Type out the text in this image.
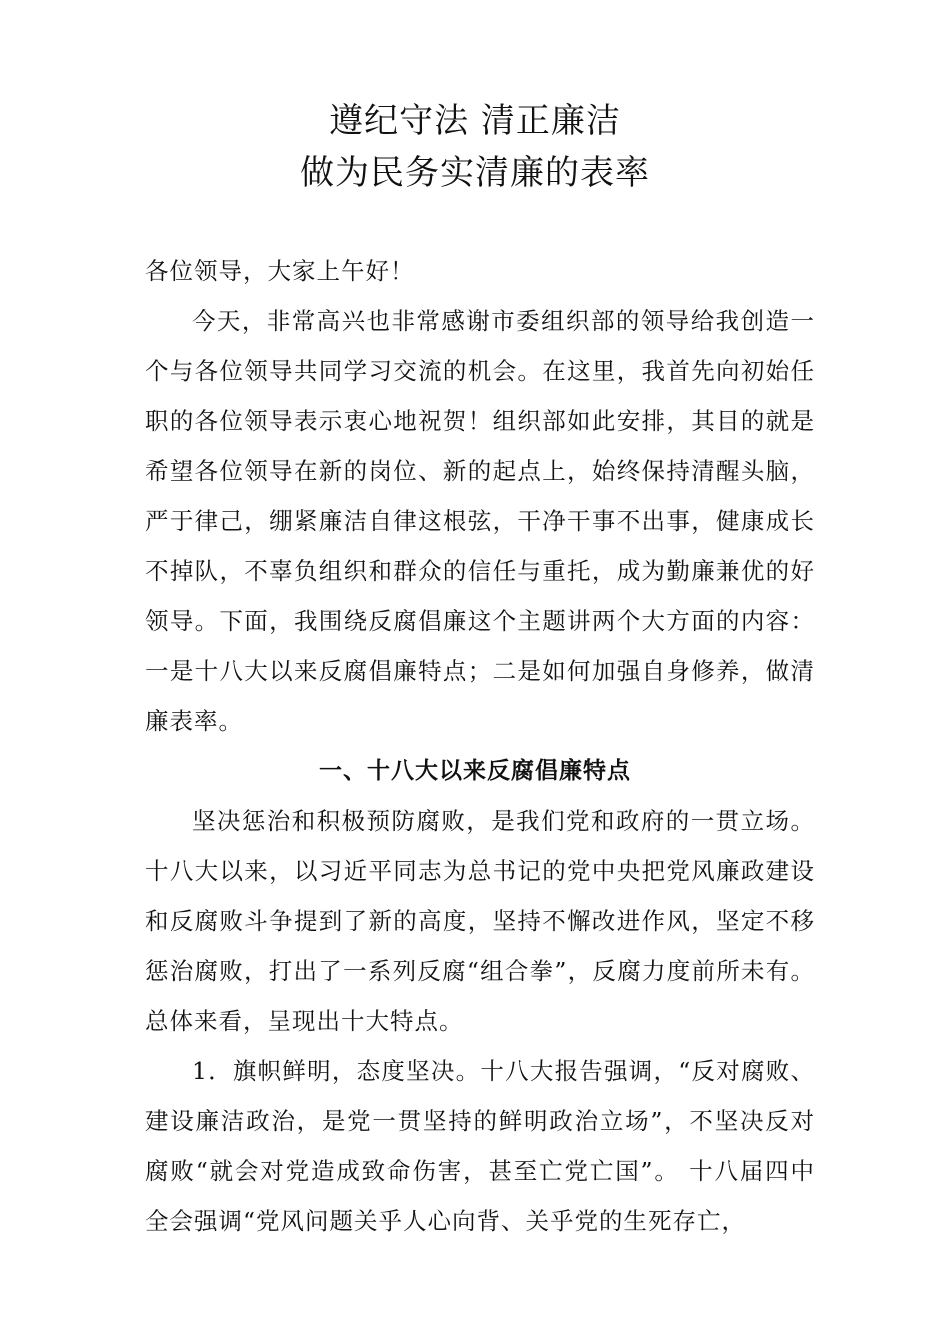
遵纪守法 清正廉洁
做为民务实清廉的表率
各位领导，大家上午好！
今天，非常高兴也非常感谢市委组织部的领导给我创造一个与各位领导共同学习交流的机会。在这里，我首先向初始任职的各位领导表示衷心地祝贺！组织部如此安排，其目的就是希望各位领导在新的岗位、新的起点上，始终保持清醒头脑，严于律己，绷紧廉洁自律这根弦，干净干事不出事，健康成长不掉队，不辜负组织和群众的信任与重托，成为勤廉兼优的好领导。下面，我围绕反腐倡廉这个主题讲两个大方面的内容：一是十八大以来反腐倡廉特点；二是如何加强自身修养，做清廉表率。
一、十八大以来反腐倡廉特点
坚决惩治和积极预防腐败，是我们党和政府的一贯立场。十八大以来，以习近平同志为总书记的党中央把党风廉政建设和反腐败斗争提到了新的高度，坚持不懈改进作风，坚定不移惩治腐败，打出了一系列反腐“组合拳”，反腐力度前所未有。总体来看，呈现出十大特点。
1．旗帜鲜明，态度坚决。十八大报告强调，“反对腐败、建设廉洁政治，是党一贯坚持的鲜明政治立场”，不坚决反对腐败“就会对党造成致命伤害，甚至亡党亡国”。 十八届四中全会强调“党风问题关乎人心向背、关乎党的生死存亡，
